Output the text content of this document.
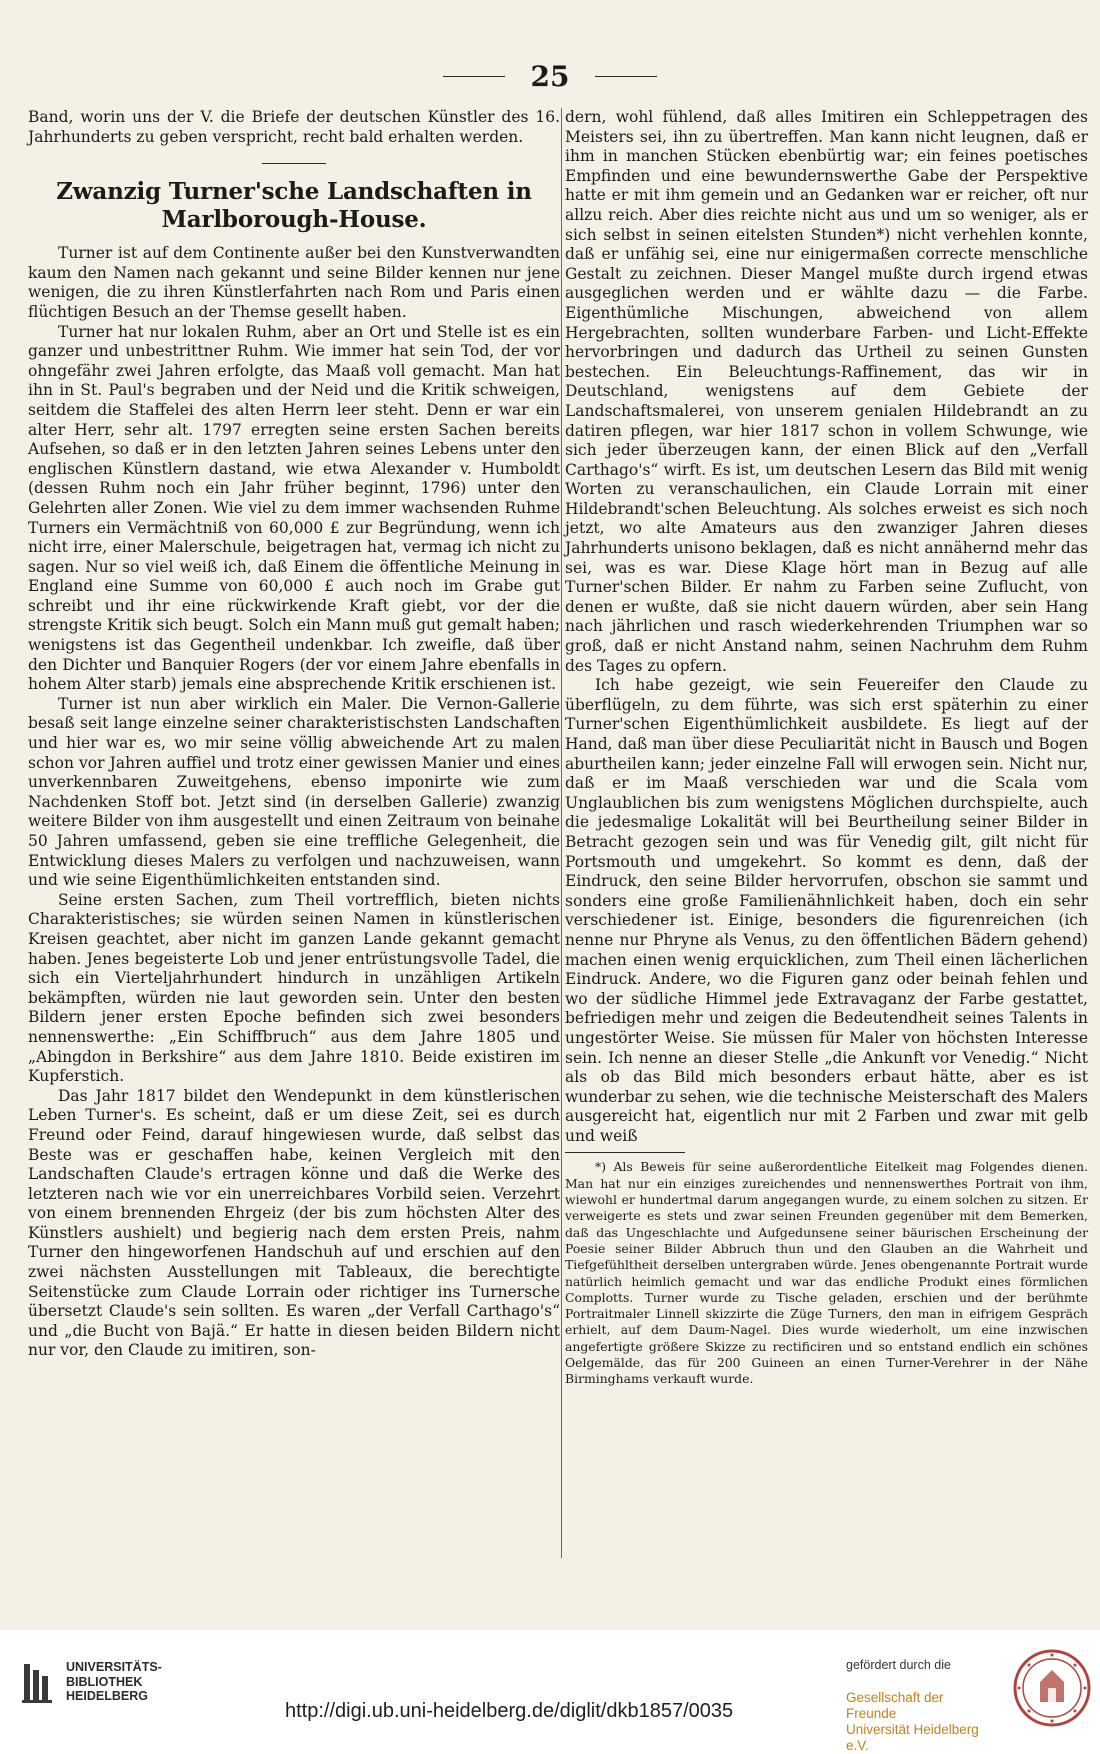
25

Band, worin uns der V. die Briefe der deutschen Künstler des 16. Jahrhunderts zu geben verspricht, recht bald erhalten werden.

Zwanzig Turner'sche Landschaften in Marlborough-House.

Turner ist auf dem Continente außer bei den Kunstverwandten kaum den Namen nach gekannt und seine Bilder kennen nur jene wenigen, die zu ihren Künstlerfahrten nach Rom und Paris einen flüchtigen Besuch an der Themse gesellt haben.

Turner hat nur lokalen Ruhm, aber an Ort und Stelle ist es ein ganzer und unbestrittner Ruhm. Wie immer hat sein Tod, der vor ohngefähr zwei Jahren erfolgte, das Maaß voll gemacht. Man hat ihn in St. Paul's begraben und der Neid und die Kritik schweigen, seitdem die Staffelei des alten Herrn leer steht. Denn er war ein alter Herr, sehr alt. 1797 erregten seine ersten Sachen bereits Aufsehen, so daß er in den letzten Jahren seines Lebens unter den englischen Künstlern dastand, wie etwa Alexander v. Humboldt (dessen Ruhm noch ein Jahr früher beginnt, 1796) unter den Gelehrten aller Zonen. Wie viel zu dem immer wachsenden Ruhme Turners ein Vermächtniß von 60,000 £ zur Begründung, wenn ich nicht irre, einer Malerschule, beigetragen hat, vermag ich nicht zu sagen. Nur so viel weiß ich, daß Einem die öffentliche Meinung in England eine Summe von 60,000 £ auch noch im Grabe gut schreibt und ihr eine rückwirkende Kraft giebt, vor der die strengste Kritik sich beugt. Solch ein Mann muß gut gemalt haben; wenigstens ist das Gegentheil undenkbar. Ich zweifle, daß über den Dichter und Banquier Rogers (der vor einem Jahre ebenfalls in hohem Alter starb) jemals eine absprechende Kritik erschienen ist.

Turner ist nun aber wirklich ein Maler. Die Vernon-Gallerie besaß seit lange einzelne seiner charakteristischsten Landschaften und hier war es, wo mir seine völlig abweichende Art zu malen schon vor Jahren auffiel und trotz einer gewissen Manier und eines unverkennbaren Zuweitgehens, ebenso imponirte wie zum Nachdenken Stoff bot. Jetzt sind (in derselben Gallerie) zwanzig weitere Bilder von ihm ausgestellt und einen Zeitraum von beinahe 50 Jahren umfassend, geben sie eine treffliche Gelegenheit, die Entwicklung dieses Malers zu verfolgen und nachzuweisen, wann und wie seine Eigenthümlichkeiten entstanden sind.

Seine ersten Sachen, zum Theil vortrefflich, bieten nichts Charakteristisches; sie würden seinen Namen in künstlerischen Kreisen geachtet, aber nicht im ganzen Lande gekannt gemacht haben. Jenes begeisterte Lob und jener entrüstungsvolle Tadel, die sich ein Vierteljahrhundert hindurch in unzähligen Artikeln bekämpften, würden nie laut geworden sein. Unter den besten Bildern jener ersten Epoche befinden sich zwei besonders nennenswerthe: „Ein Schiffbruch“ aus dem Jahre 1805 und „Abingdon in Berkshire“ aus dem Jahre 1810. Beide existiren im Kupferstich.

Das Jahr 1817 bildet den Wendepunkt in dem künstlerischen Leben Turner's. Es scheint, daß er um diese Zeit, sei es durch Freund oder Feind, darauf hingewiesen wurde, daß selbst das Beste was er geschaffen habe, keinen Vergleich mit den Landschaften Claude's ertragen könne und daß die Werke des letzteren nach wie vor ein unerreichbares Vorbild seien. Verzehrt von einem brennenden Ehrgeiz (der bis zum höchsten Alter des Künstlers aushielt) und begierig nach dem ersten Preis, nahm Turner den hingeworfenen Handschuh auf und erschien auf den zwei nächsten Ausstellungen mit Tableaux, die berechtigte Seitenstücke zum Claude Lorrain oder richtiger ins Turnersche übersetzt Claude's sein sollten. Es waren „der Verfall Carthago's“ und „die Bucht von Bajä.“ Er hatte in diesen beiden Bildern nicht nur vor, den Claude zu imitiren, son-

dern, wohl fühlend, daß alles Imitiren ein Schleppetragen des Meisters sei, ihn zu übertreffen. Man kann nicht leugnen, daß er ihm in manchen Stücken ebenbürtig war; ein feines poetisches Empfinden und eine bewundernswerthe Gabe der Perspektive hatte er mit ihm gemein und an Gedanken war er reicher, oft nur allzu reich. Aber dies reichte nicht aus und um so weniger, als er sich selbst in seinen eitelsten Stunden*) nicht verhehlen konnte, daß er unfähig sei, eine nur einigermaßen correcte menschliche Gestalt zu zeichnen. Dieser Mangel mußte durch irgend etwas ausgeglichen werden und er wählte dazu — die Farbe. Eigenthümliche Mischungen, abweichend von allem Hergebrachten, sollten wunderbare Farben- und Licht-Effekte hervorbringen und dadurch das Urtheil zu seinen Gunsten bestechen. Ein Beleuchtungs-Raffinement, das wir in Deutschland, wenigstens auf dem Gebiete der Landschaftsmalerei, von unserem genialen Hildebrandt an zu datiren pflegen, war hier 1817 schon in vollem Schwunge, wie sich jeder überzeugen kann, der einen Blick auf den „Verfall Carthago's“ wirft. Es ist, um deutschen Lesern das Bild mit wenig Worten zu veranschaulichen, ein Claude Lorrain mit einer Hildebrandt'schen Beleuchtung. Als solches erweist es sich noch jetzt, wo alte Amateurs aus den zwanziger Jahren dieses Jahrhunderts unisono beklagen, daß es nicht annähernd mehr das sei, was es war. Diese Klage hört man in Bezug auf alle Turner'schen Bilder. Er nahm zu Farben seine Zuflucht, von denen er wußte, daß sie nicht dauern würden, aber sein Hang nach jährlichen und rasch wiederkehrenden Triumphen war so groß, daß er nicht Anstand nahm, seinen Nachruhm dem Ruhm des Tages zu opfern.

Ich habe gezeigt, wie sein Feuereifer den Claude zu überflügeln, zu dem führte, was sich erst späterhin zu einer Turner'schen Eigenthümlichkeit ausbildete. Es liegt auf der Hand, daß man über diese Peculiarität nicht in Bausch und Bogen aburtheilen kann; jeder einzelne Fall will erwogen sein. Nicht nur, daß er im Maaß verschieden war und die Scala vom Unglaublichen bis zum wenigstens Möglichen durchspielte, auch die jedesmalige Lokalität will bei Beurtheilung seiner Bilder in Betracht gezogen sein und was für Venedig gilt, gilt nicht für Portsmouth und umgekehrt. So kommt es denn, daß der Eindruck, den seine Bilder hervorrufen, obschon sie sammt und sonders eine große Familienähnlichkeit haben, doch ein sehr verschiedener ist. Einige, besonders die figurenreichen (ich nenne nur Phryne als Venus, zu den öffentlichen Bädern gehend) machen einen wenig erquicklichen, zum Theil einen lächerlichen Eindruck. Andere, wo die Figuren ganz oder beinah fehlen und wo der südliche Himmel jede Extravaganz der Farbe gestattet, befriedigen mehr und zeigen die Bedeutendheit seines Talents in ungestörter Weise. Sie müssen für Maler von höchsten Interesse sein. Ich nenne an dieser Stelle „die Ankunft vor Venedig.“ Nicht als ob das Bild mich besonders erbaut hätte, aber es ist wunderbar zu sehen, wie die technische Meisterschaft des Malers ausgereicht hat, eigentlich nur mit 2 Farben und zwar mit gelb und weiß

*) Als Beweis für seine außerordentliche Eitelkeit mag Folgendes dienen. Man hat nur ein einziges zureichendes und nennenswerthes Portrait von ihm, wiewohl er hundertmal darum angegangen wurde, zu einem solchen zu sitzen. Er verweigerte es stets und zwar seinen Freunden gegenüber mit dem Bemerken, daß das Ungeschlachte und Aufgedunsene seiner bäurischen Erscheinung der Poesie seiner Bilder Abbruch thun und den Glauben an die Wahrheit und Tiefgefühltheit derselben untergraben würde. Jenes obengenannte Portrait wurde natürlich heimlich gemacht und war das endliche Produkt eines förmlichen Complotts. Turner wurde zu Tische geladen, erschien und der berühmte Portraitmaler Linnell skizzirte die Züge Turners, den man in eifrigem Gespräch erhielt, auf dem Daum-Nagel. Dies wurde wiederholt, um eine inzwischen angefertigte größere Skizze zu rectificiren und so entstand endlich ein schönes Oelgemälde, das für 200 Guineen an einen Turner-Verehrer in der Nähe Birminghams verkauft wurde.

UNIVERSITÄTS-
BIBLIOTHEK
HEIDELBERG
http://digi.ub.uni-heidelberg.de/diglit/dkb1857/0035
gefördert durch die
Gesellschaft der Freunde
Universität Heidelberg e.V.
